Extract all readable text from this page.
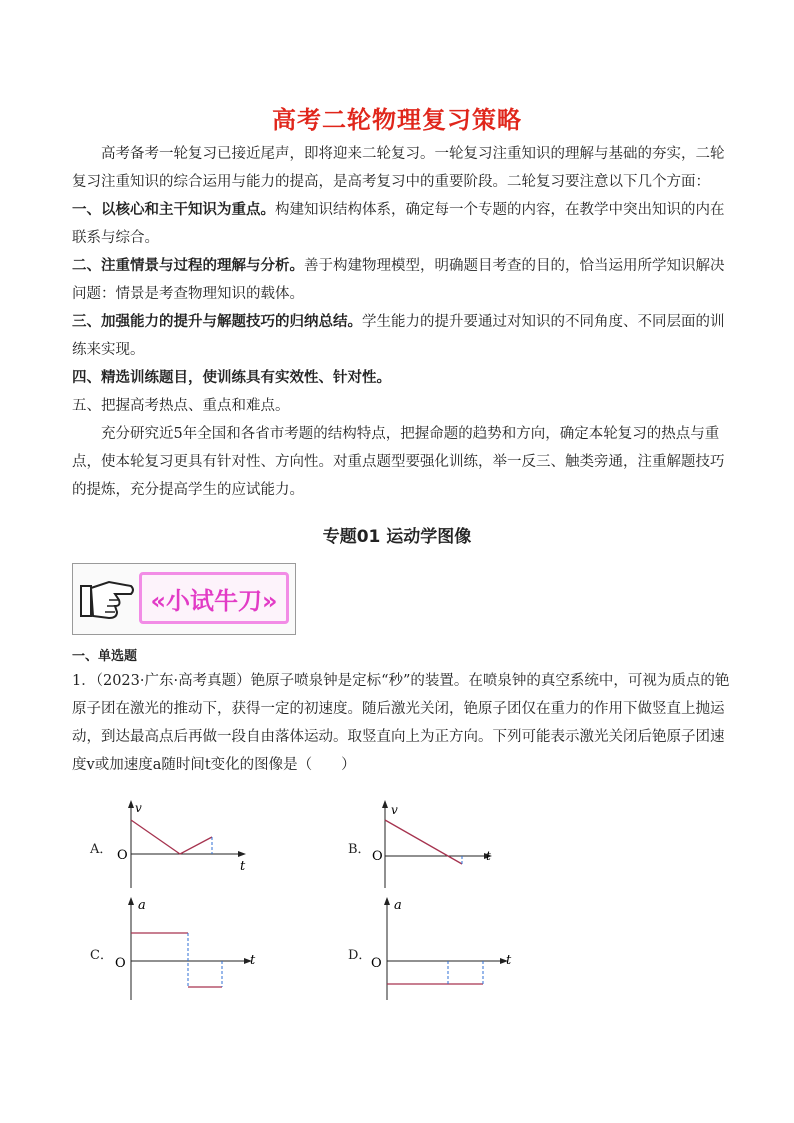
高考二轮物理复习策略

高考备考一轮复习已接近尾声，即将迎来二轮复习。一轮复习注重知识的理解与基础的夯实，二轮复习注重知识的综合运用与能力的提高，是高考复习中的重要阶段。二轮复习要注意以下几个方面：

一、以核心和主干知识为重点。构建知识结构体系，确定每一个专题的内容，在教学中突出知识的内在联系与综合。

二、注重情景与过程的理解与分析。善于构建物理模型，明确题目考查的目的，恰当运用所学知识解决问题：情景是考查物理知识的载体。

三、加强能力的提升与解题技巧的归纳总结。学生能力的提升要通过对知识的不同角度、不同层面的训练来实现。

四、精选训练题目，使训练具有实效性、针对性。

五、把握高考热点、重点和难点。

充分研究近5年全国和各省市考题的结构特点，把握命题的趋势和方向，确定本轮复习的热点与重点，使本轮复习更具有针对性、方向性。对重点题型要强化训练，举一反三、触类旁通，注重解题技巧的提炼，充分提高学生的应试能力。

专题01 运动学图像
«小试牛刀»
一、单选题

1．（2023·广东·高考真题）铯原子喷泉钟是定标“秒”的装置。在喷泉钟的真空系统中，可视为质点的铯原子团在激光的推动下，获得一定的初速度。随后激光关闭，铯原子团仅在重力的作用下做竖直上抛运动，到达最高点后再做一段自由落体运动。取竖直向上为正方向。下列可能表示激光关闭后铯原子团速度v或加速度a随时间t变化的图像是（　　）

A．
v
t
O	B．
v
t
O
C．
a
t
O
D．
a
t
O
